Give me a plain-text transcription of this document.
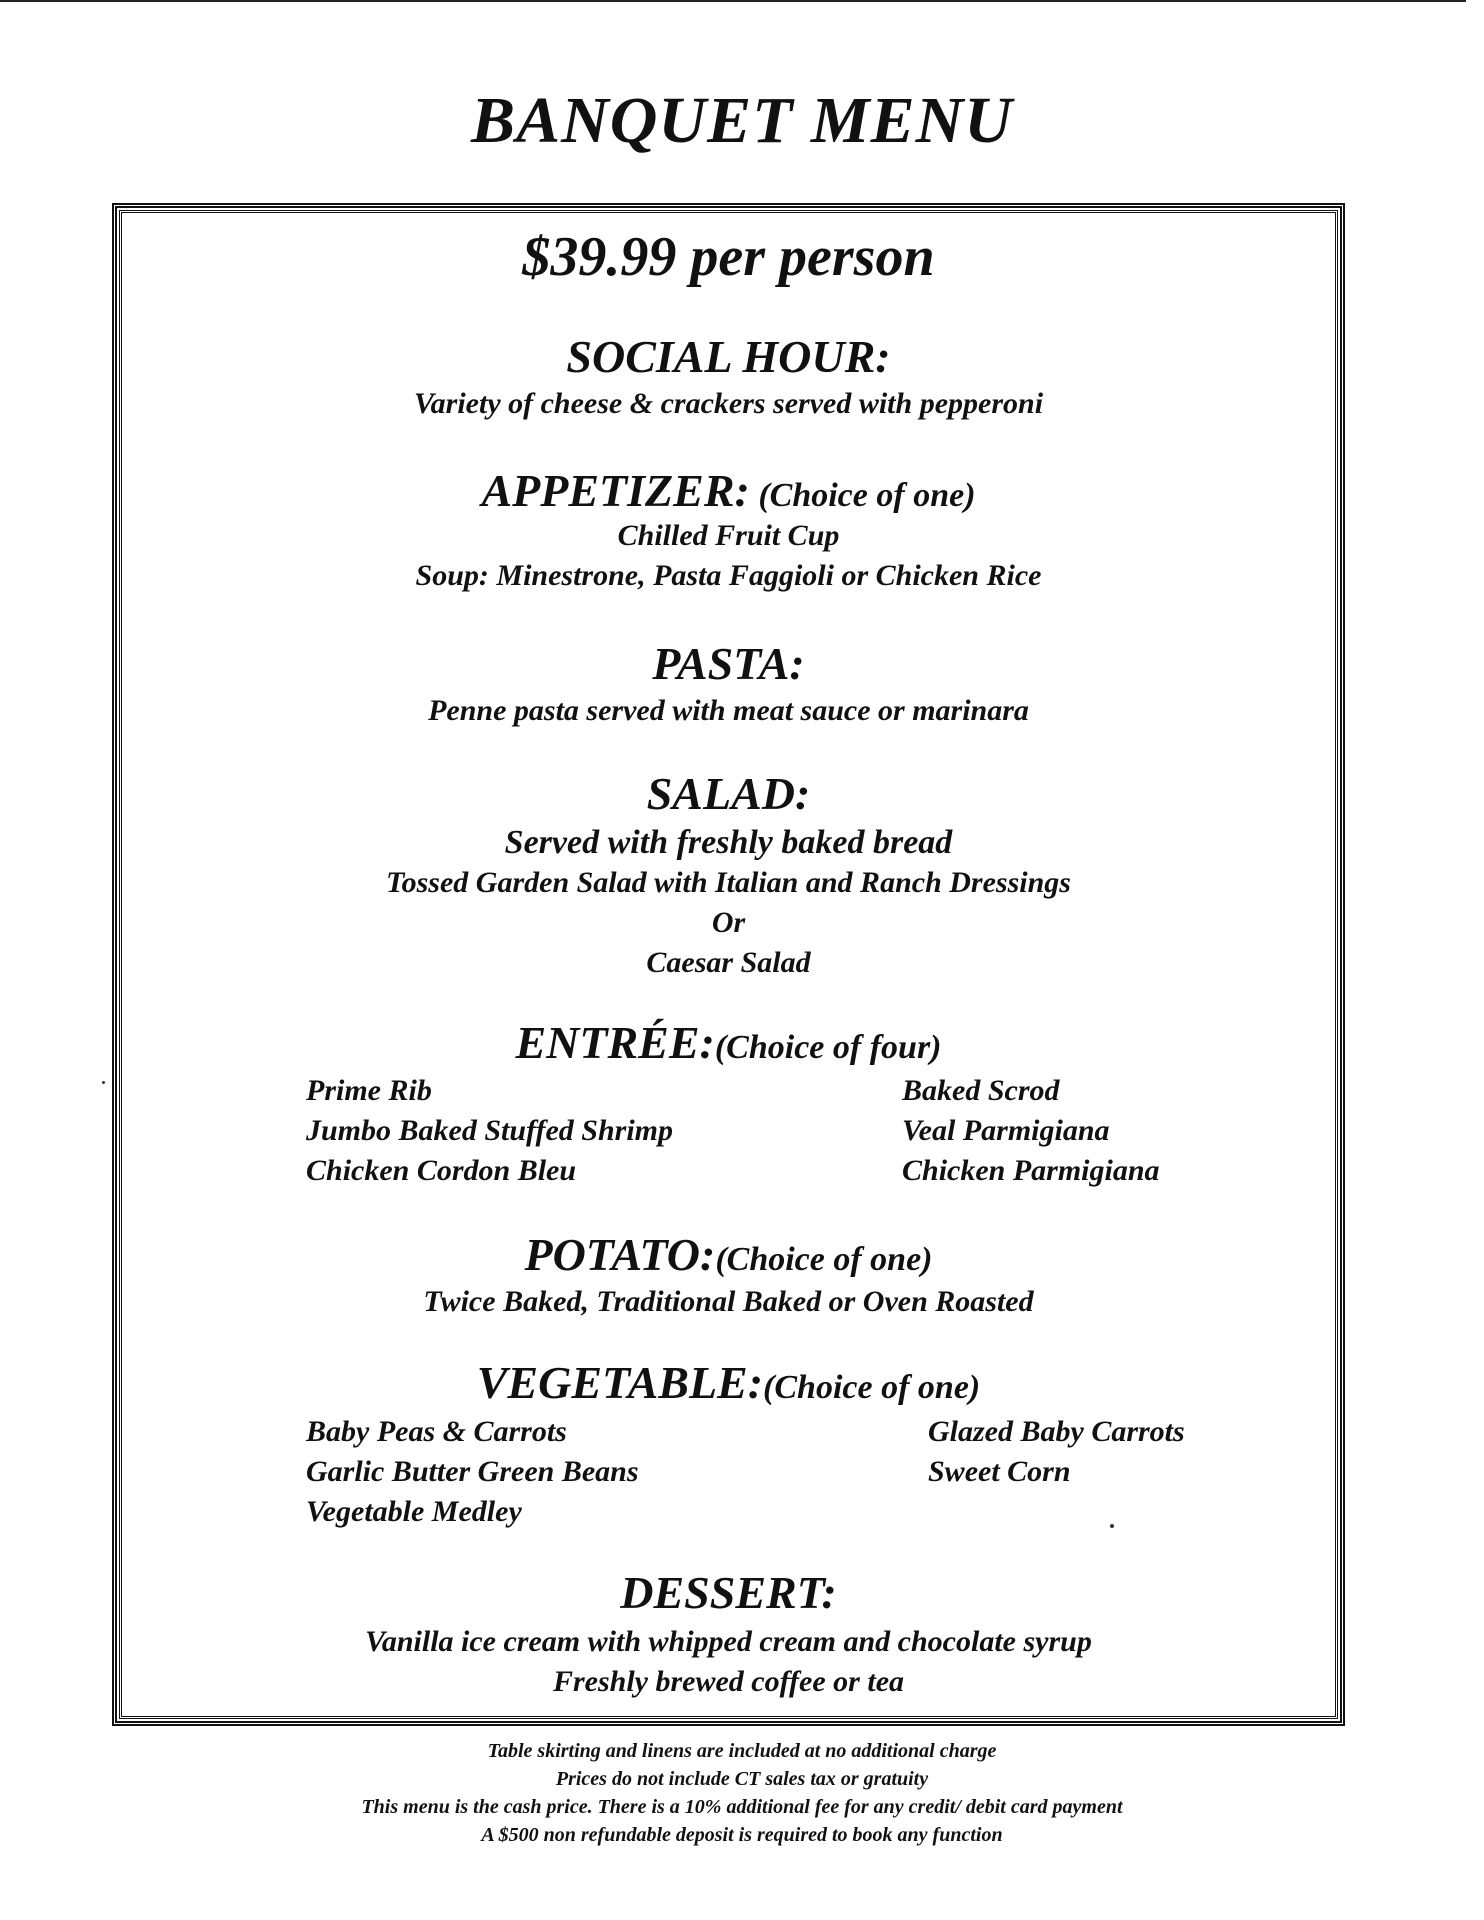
BANQUET MENU
$39.99 per person
SOCIAL HOUR:
Variety of cheese & crackers served with pepperoni
APPETIZER: (Choice of one)
Chilled Fruit Cup
Soup: Minestrone, Pasta Faggioli or Chicken Rice
PASTA:
Penne pasta served with meat sauce or marinara
SALAD:
Served with freshly baked bread
Tossed Garden Salad with Italian and Ranch Dressings
Or
Caesar Salad
ENTRÉE:(Choice of four)
Prime Rib
Jumbo Baked Stuffed Shrimp
Chicken Cordon Bleu
Baked Scrod
Veal Parmigiana
Chicken Parmigiana
POTATO:(Choice of one)
Twice Baked, Traditional Baked or Oven Roasted
VEGETABLE:(Choice of one)
Baby Peas & Carrots
Garlic Butter Green Beans
Vegetable Medley
Glazed Baby Carrots
Sweet Corn
DESSERT:
Vanilla ice cream with whipped cream and chocolate syrup
Freshly brewed coffee or tea
Table skirting and linens are included at no additional charge
Prices do not include CT sales tax or gratuity
This menu is the cash price. There is a 10% additional fee for any credit/ debit card payment
A $500 non refundable deposit is required to book any function
